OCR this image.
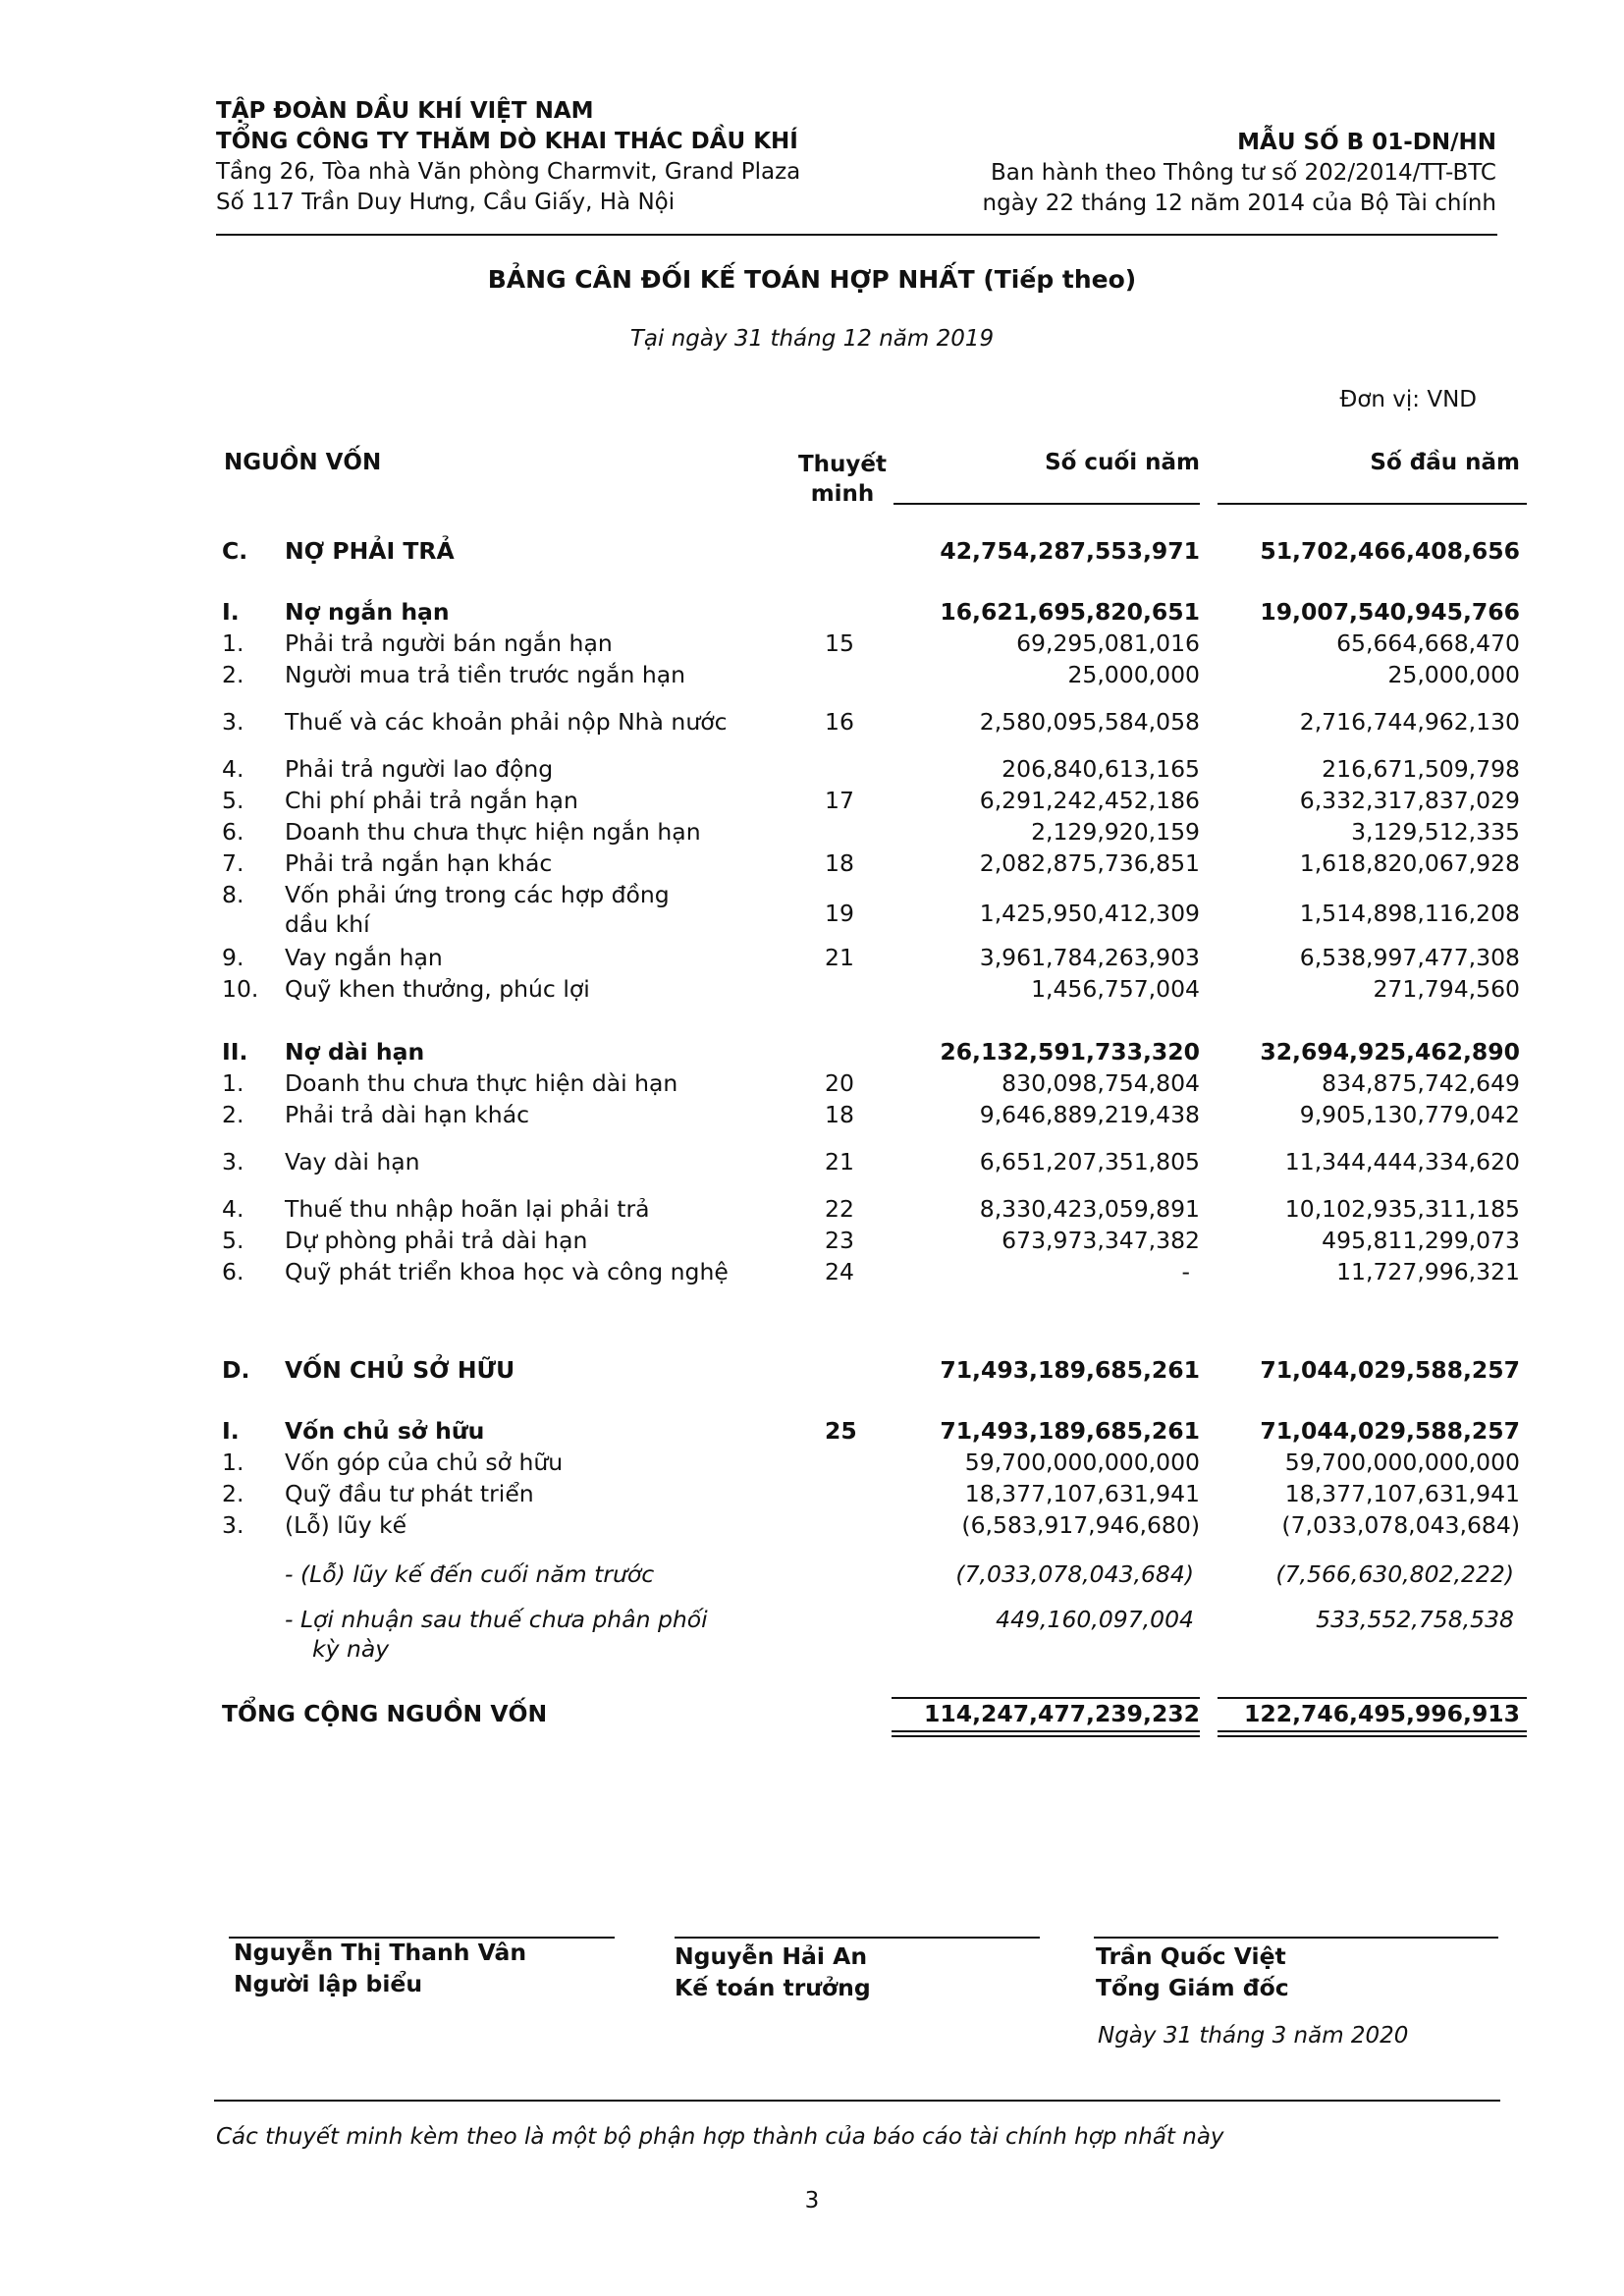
TẬP ĐOÀN DẦU KHÍ VIỆT NAM
TỔNG CÔNG TY THĂM DÒ KHAI THÁC DẦU KHÍ
Tầng 26, Tòa nhà Văn phòng Charmvit, Grand Plaza
Số 117 Trần Duy Hưng, Cầu Giấy, Hà Nội
MẪU SỐ B 01-DN/HN
Ban hành theo Thông tư số 202/2014/TT-BTC
ngày 22 tháng 12 năm 2014 của Bộ Tài chính
BẢNG CÂN ĐỐI KẾ TOÁN HỢP NHẤT (Tiếp theo)
Tại ngày 31 tháng 12 năm 2019
Đơn vị: VND
NGUỒN VỐN	Thuyết
minh
Số cuối năm	Số đầu năm
C. NỢ PHẢI TRẢ	42,754,287,553,971	51,702,466,408,656
I. Nợ ngắn hạn	16,621,695,820,651	19,007,540,945,766
1. Phải trả người bán ngắn hạn	15	69,295,081,016	65,664,668,470
2. Người mua trả tiền trước ngắn hạn	25,000,000	25,000,000
3. Thuế và các khoản phải nộp Nhà nước	16	2,580,095,584,058	2,716,744,962,130
4. Phải trả người lao động	206,840,613,165	216,671,509,798
5. Chi phí phải trả ngắn hạn	17	6,291,242,452,186	6,332,317,837,029
6. Doanh thu chưa thực hiện ngắn hạn	2,129,920,159	3,129,512,335
7. Phải trả ngắn hạn khác	18	2,082,875,736,851	1,618,820,067,928
8. Vốn phải ứng trong các hợp đồng
dầu khí	19	1,425,950,412,309	1,514,898,116,208
9. Vay ngắn hạn	21	3,961,784,263,903	6,538,997,477,308
10. Quỹ khen thưởng, phúc lợi	1,456,757,004	271,794,560
II. Nợ dài hạn	26,132,591,733,320	32,694,925,462,890
1. Doanh thu chưa thực hiện dài hạn	20	830,098,754,804	834,875,742,649
2. Phải trả dài hạn khác	18	9,646,889,219,438	9,905,130,779,042
3. Vay dài hạn	21	6,651,207,351,805	11,344,444,334,620
4. Thuế thu nhập hoãn lại phải trả	22	8,330,423,059,891	10,102,935,311,185
5. Dự phòng phải trả dài hạn	23	673,973,347,382	495,811,299,073
6. Quỹ phát triển khoa học và công nghệ	24	-	11,727,996,321
D. VỐN CHỦ SỞ HỮU	71,493,189,685,261	71,044,029,588,257
I. Vốn chủ sở hữu	25	71,493,189,685,261	71,044,029,588,257
1. Vốn góp của chủ sở hữu	59,700,000,000,000	59,700,000,000,000
2. Quỹ đầu tư phát triển	18,377,107,631,941	18,377,107,631,941
3. (Lỗ) lũy kế	(6,583,917,946,680)	(7,033,078,043,684)
- (Lỗ) lũy kế đến cuối năm trước	(7,033,078,043,684)	(7,566,630,802,222)
- Lợi nhuận sau thuế chưa phân phối
kỳ này
449,160,097,004	533,552,758,538
TỔNG CỘNG NGUỒN VỐN	114,247,477,239,232 122,746,495,996,913
Nguyễn Thị Thanh Vân
Người lập biểu
Nguyễn Hải An
Kế toán trưởng
Trần Quốc Việt
Tổng Giám đốc
Ngày 31 tháng 3 năm 2020
Các thuyết minh kèm theo là một bộ phận hợp thành của báo cáo tài chính hợp nhất này
3
